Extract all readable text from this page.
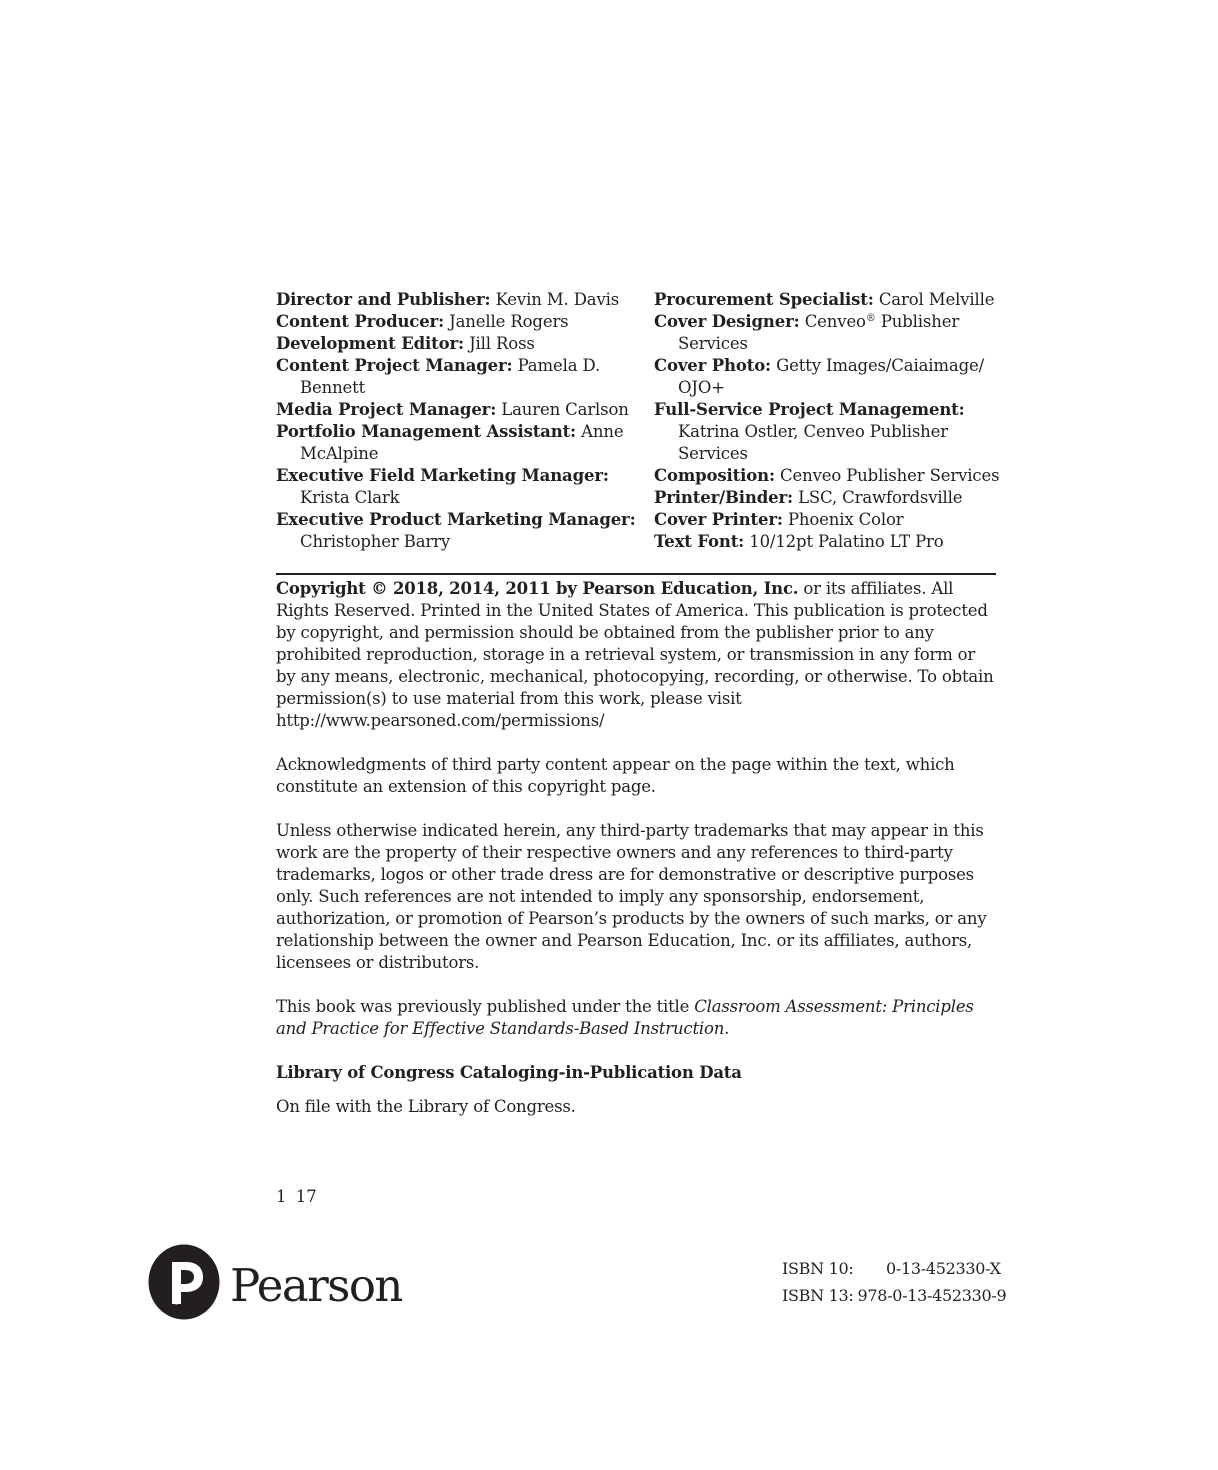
Director and Publisher: Kevin M. Davis

Content Producer: Janelle Rogers

Development Editor: Jill Ross

Content Project Manager: Pamela D. Bennett

Media Project Manager: Lauren Carlson

Portfolio Management Assistant: Anne McAlpine

Executive Field Marketing Manager: Krista Clark

Executive Product Marketing Manager: Christopher Barry

Procurement Specialist: Carol Melville

Cover Designer: Cenveo® Publisher Services

Cover Photo: Getty Images/Caiaimage/ OJO+

Full-Service Project Management: Katrina Ostler, Cenveo Publisher Services

Composition: Cenveo Publisher Services

Printer/Binder: LSC, Crawfordsville

Cover Printer: Phoenix Color

Text Font: 10/12pt Palatino LT Pro

Copyright © 2018, 2014, 2011 by Pearson Education, Inc. or its affiliates. All Rights Reserved. Printed in the United States of America. This publication is protected by copyright, and permission should be obtained from the publisher prior to any prohibited reproduction, storage in a retrieval system, or transmission in any form or by any means, electronic, mechanical, photocopying, recording, or otherwise. To obtain permission(s) to use material from this work, please visit http://www.pearsoned.com/permissions/

Acknowledgments of third party content appear on the page within the text, which constitute an extension of this copyright page.

Unless otherwise indicated herein, any third-party trademarks that may appear in this work are the property of their respective owners and any references to third-party trademarks, logos or other trade dress are for demonstrative or descriptive purposes only. Such references are not intended to imply any sponsorship, endorsement, authorization, or promotion of Pearson’s products by the owners of such marks, or any relationship between the owner and Pearson Education, Inc. or its affiliates, authors, licensees or distributors.

This book was previously published under the title Classroom Assessment: Principles and Practice for Effective Standards-Based Instruction.

Library of Congress Cataloging-in-Publication Data

On file with the Library of Congress.

1 17
Pearson	ISBN 10:	0-13-452330-X
ISBN 13: 978-0-13-452330-9
